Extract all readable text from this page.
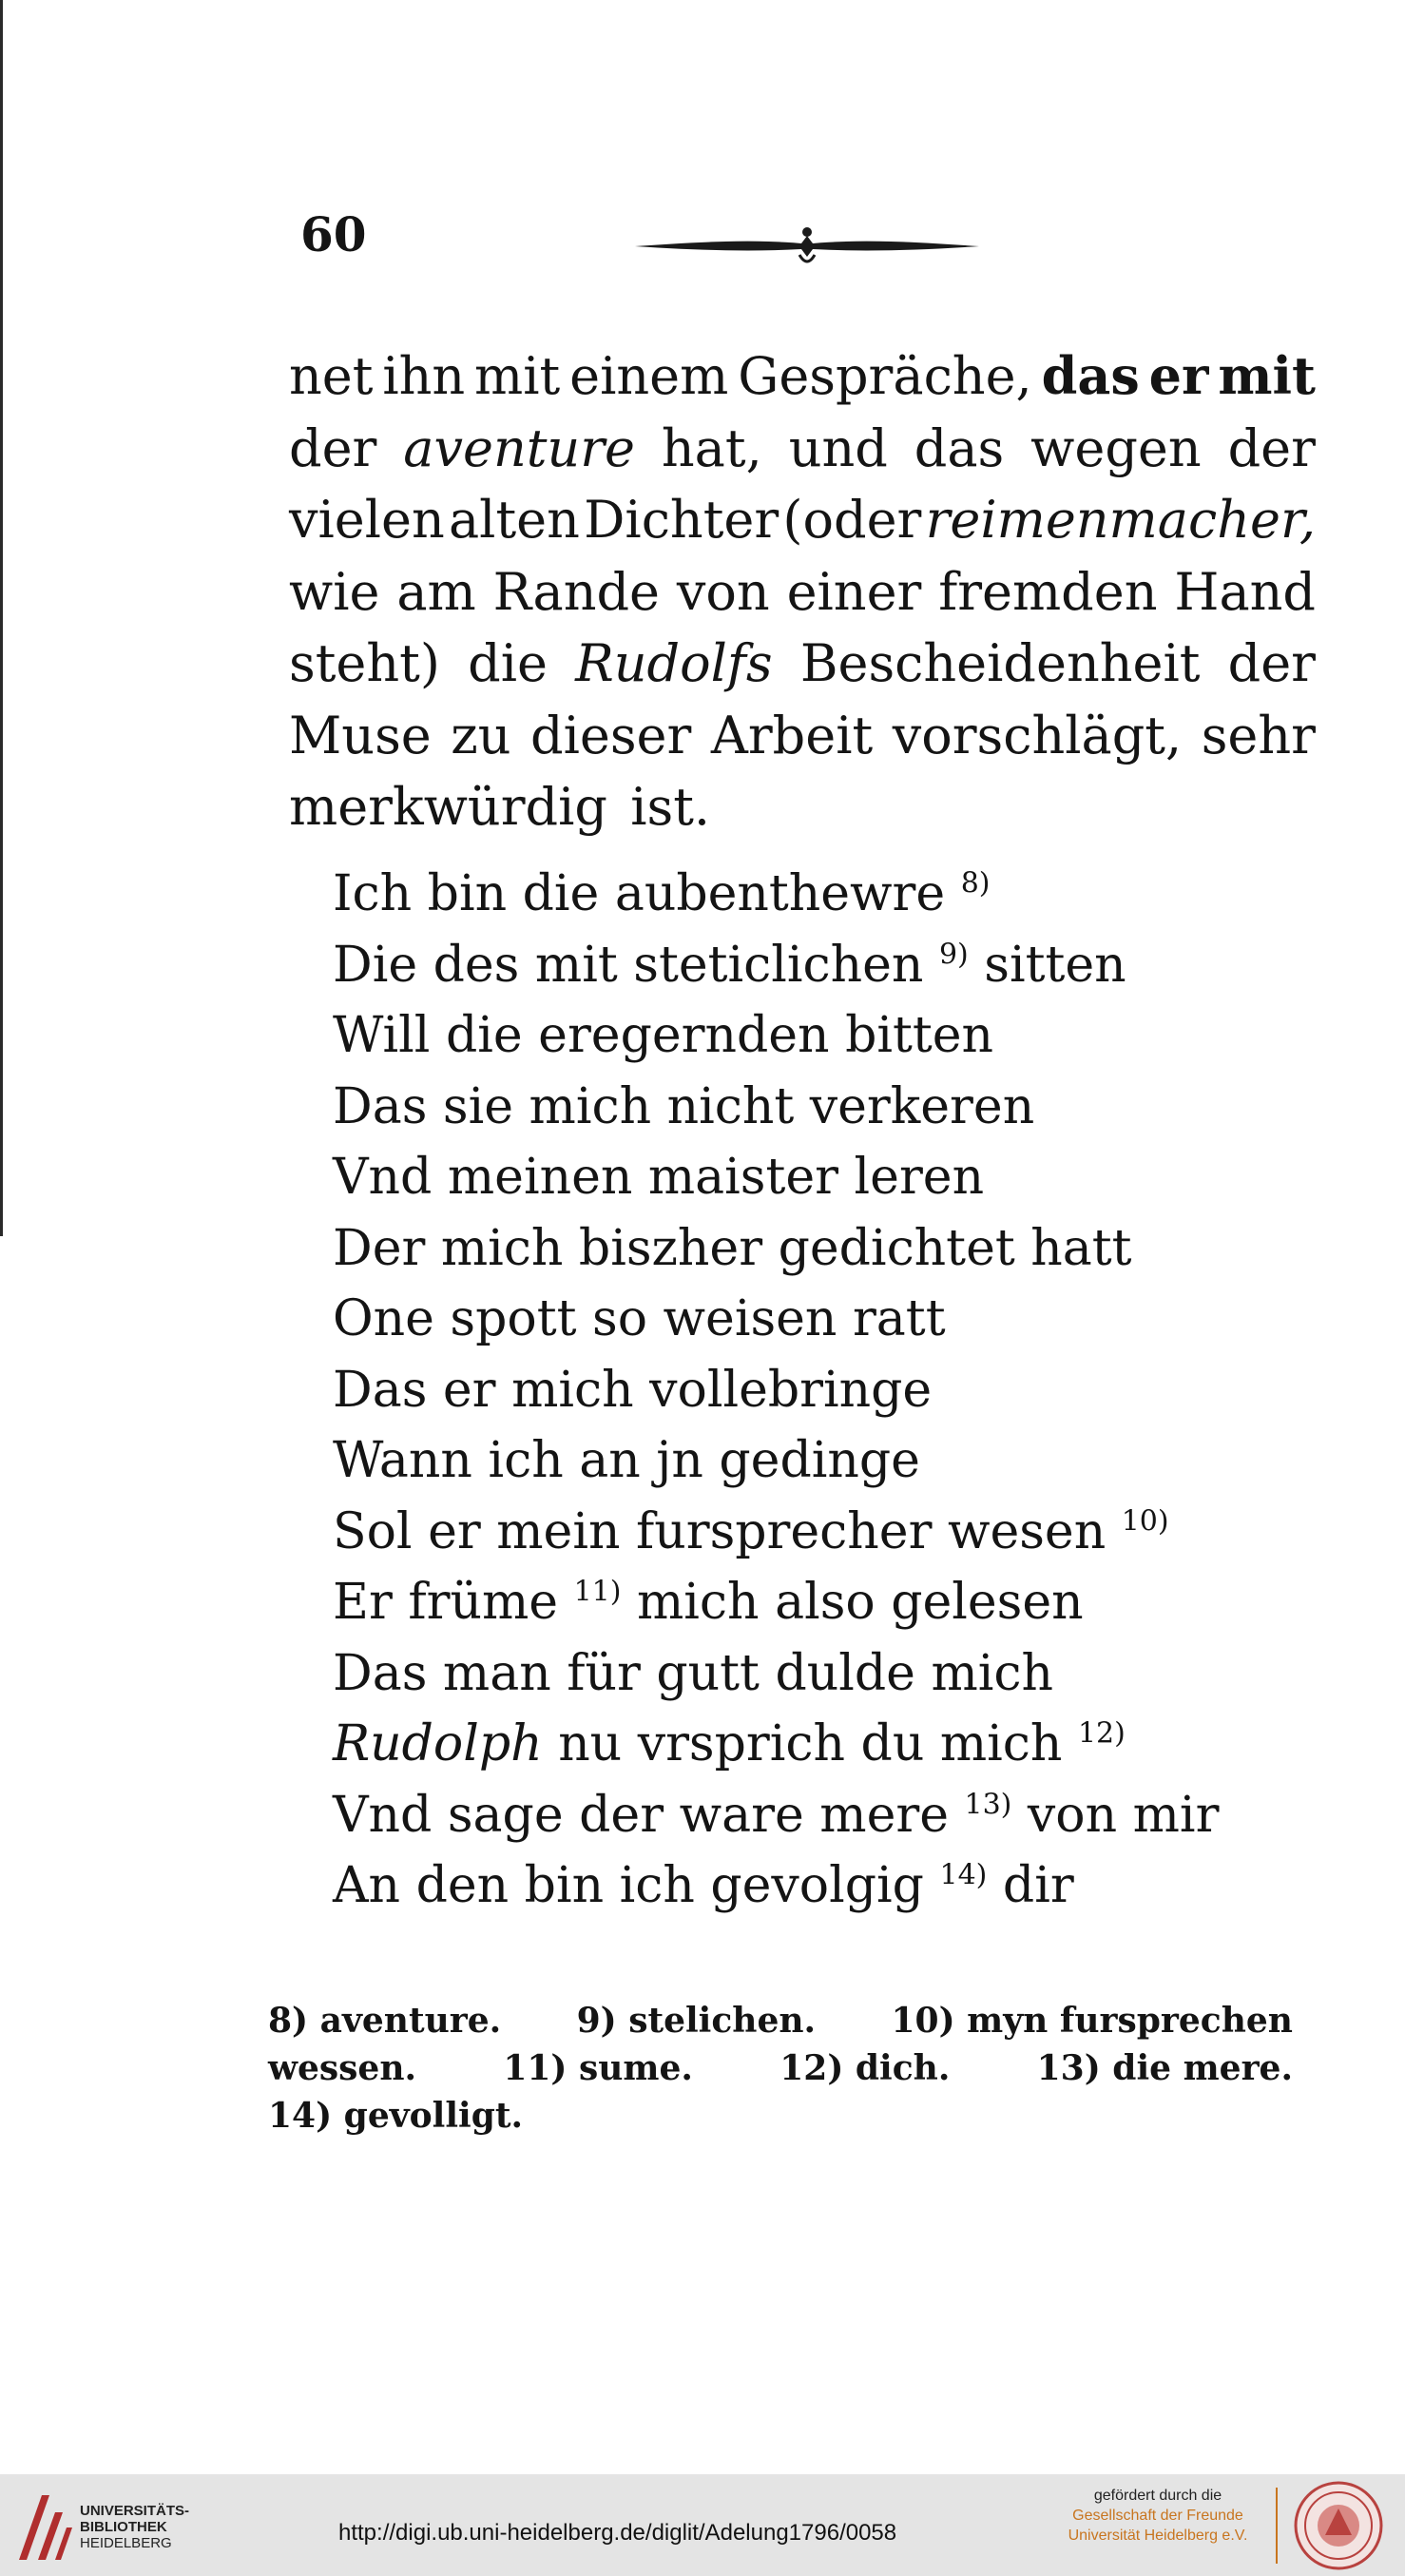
60
net ihn mit einem Gespräche, das er mit
der aventure hat, und das wegen der
vielen alten Dichter (oder reimenmacher,
wie am Rande von einer fremden Hand
steht) die Rudolfs Bescheidenheit der
Muse zu dieser Arbeit vorschlägt, sehr
merkwürdig ist.
Ich bin die aubenthewre $^{8)}$
Die des mit steticlichen $^{9)}$ sitten
Will die eregernden bitten
Das sie mich nicht verkeren
Vnd meinen maister leren
Der mich biszher gedichtet hatt
One spott so weisen ratt
Das er mich vollebringe
Wann ich an jn gedinge
Sol er mein fursprecher wesen $^{10)}$
Er früme $^{11)}$ mich also gelesen
Das man für gutt dulde mich
Rudolph nu vrsprich du mich $^{12)}$
Vnd sage der ware mere $^{13)}$ von mir
An den bin ich gevolgig $^{14)}$ dir
8) aventure. 9) stelichen. 10) myn fursprechen
wessen.	11) sume.	12) dich.	13) die mere.
14) gevolligt.
UNIVERSITÄTS-
BIBLIOTHEK
HEIDELBERG	http://digi.ub.uni-heidelberg.de/diglit/Adelung1796/0058
gefördert durch die
Gesellschaft der Freunde
Universität Heidelberg e.V.
